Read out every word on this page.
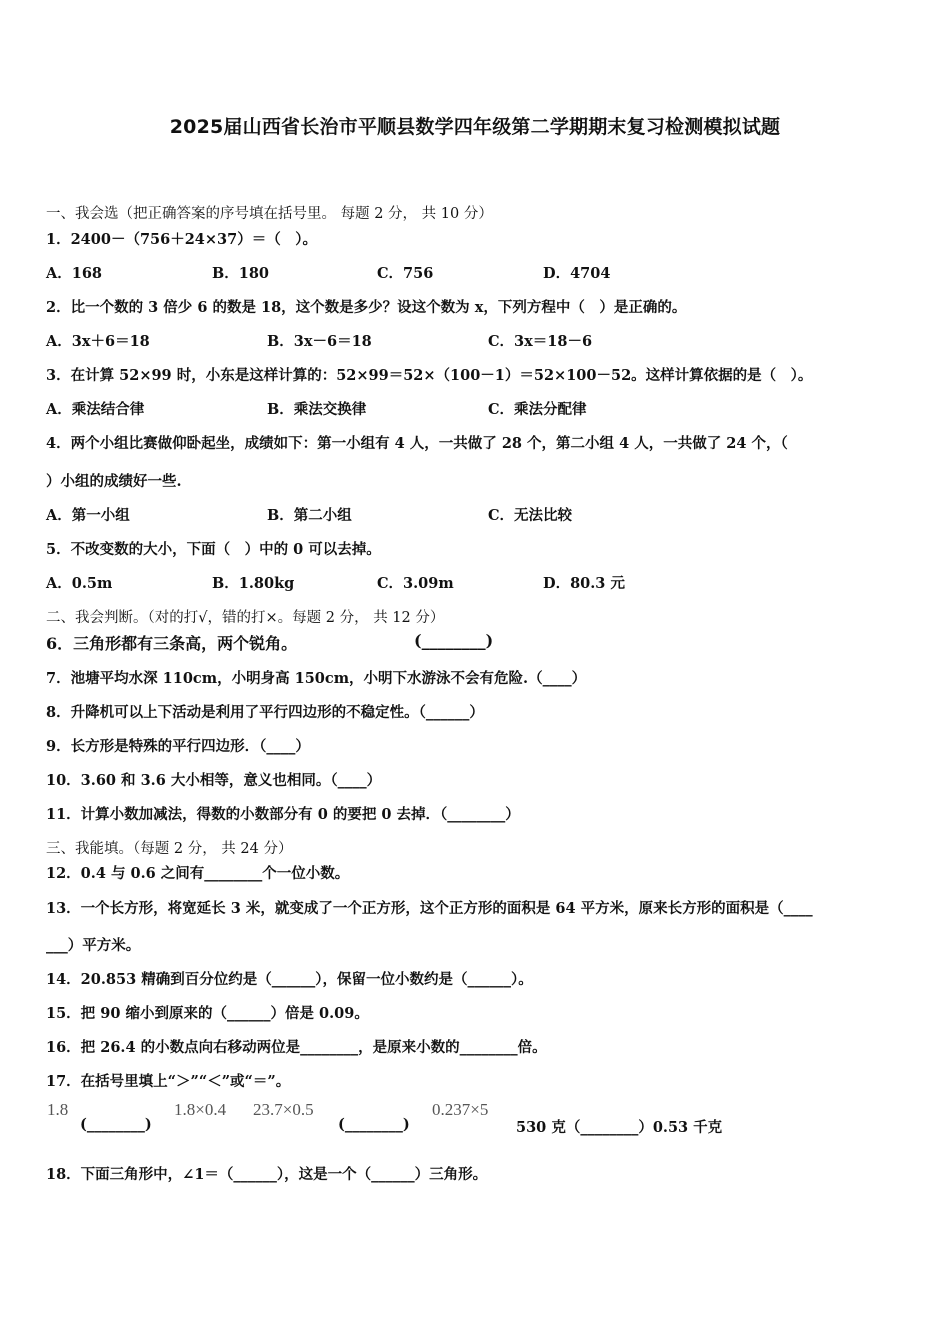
2025届山西省长治市平顺县数学四年级第二学期期末复习检测模拟试题
一、我会选（把正确答案的序号填在括号里。 每题 2 分， 共 10 分）
1．2400－（756＋24×37）＝（　）。
A．168	B．180	C．756	D．4704
2．比一个数的 3 倍少 6 的数是 18，这个数是多少？设这个数为 x，下列方程中（　）是正确的。
A．3x＋6＝18	B．3x－6＝18	C．3x＝18－6
3．在计算 52×99 时，小东是这样计算的：52×99＝52×（100－1）＝52×100－52。这样计算依据的是（　）。
A．乘法结合律	B．乘法交换律	C．乘法分配律
4．两个小组比赛做仰卧起坐，成绩如下：第一小组有 4 人，一共做了 28 个，第二小组 4 人，一共做了 24 个，（
）小组的成绩好一些.
A．第一小组	B．第二小组	C．无法比较
5．不改变数的大小，下面（　）中的 0 可以去掉。
A．0.5m	B．1.80kg	C．3.09m	D．80.3 元
二、我会判断。（对的打√，错的打×。每题 2 分， 共 12 分）
6．三角形都有三条高，两个锐角。	(________)
7．池塘平均水深 110cm，小明身高 150cm，小明下水游泳不会有危险.（____）
8．升降机可以上下活动是利用了平行四边形的不稳定性。（______）
9．长方形是特殊的平行四边形．（____）
10．3.60 和 3.6 大小相等，意义也相同。（____）
11．计算小数加减法，得数的小数部分有 0 的要把 0 去掉．（________）
三、我能填。（每题 2 分， 共 24 分）
12．0.4 与 0.6 之间有________个一位小数。
13．一个长方形，将宽延长 3 米，就变成了一个正方形，这个正方形的面积是 64 平方米，原来长方形的面积是（____
___）平方米。
14．20.853 精确到百分位约是（______），保留一位小数约是（______）。
15．把 90 缩小到原来的（______）倍是 0.09。
16．把 26.4 的小数点向右移动两位是________，是原来小数的________倍。
17．在括号里填上“＞”“＜”或“＝”。
1.8
(________)
1.8×0.4 23.7×0.5
(________)
0.237×5
530 克（________）0.53 千克
18．下面三角形中，∠1＝（______），这是一个（______）三角形。
